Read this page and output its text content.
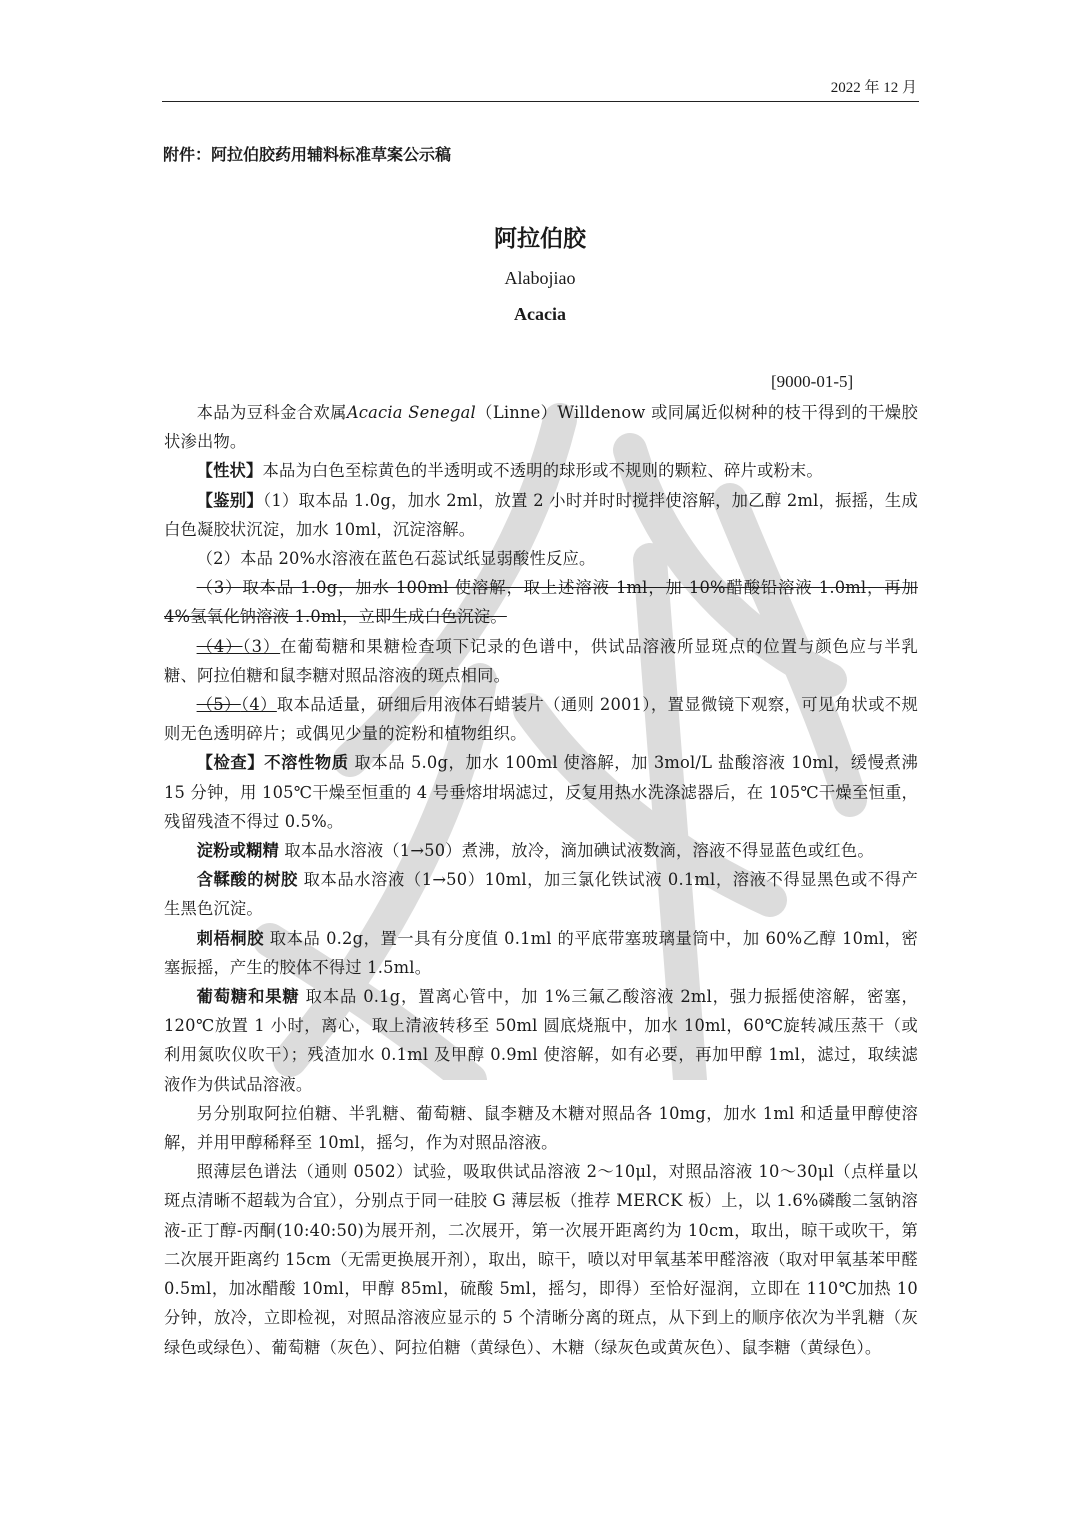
2022 年 12 月
附件：阿拉伯胶药用辅料标准草案公示稿
阿拉伯胶
Alabojiao
Acacia
[9000-01-5]

本品为豆科金合欢属Acacia Senegal（Linne）Willdenow 或同属近似树种的枝干得到的干燥胶状渗出物。

【性状】本品为白色至棕黄色的半透明或不透明的球形或不规则的颗粒、碎片或粉末。

【鉴别】（1）取本品 1.0g，加水 2ml，放置 2 小时并时时搅拌使溶解，加乙醇 2ml，振摇，生成白色凝胶状沉淀，加水 10ml，沉淀溶解。

（2）本品 20%水溶液在蓝色石蕊试纸显弱酸性反应。

（3）取本品 1.0g，加水 100ml 使溶解，取上述溶液 1ml，加 10%醋酸铅溶液 1.0ml，再加 4%氢氧化钠溶液 1.0ml，立即生成白色沉淀。

（4）（3）在葡萄糖和果糖检查项下记录的色谱中，供试品溶液所显斑点的位置与颜色应与半乳糖、阿拉伯糖和鼠李糖对照品溶液的斑点相同。

（5）（4）取本品适量，研细后用液体石蜡装片（通则 2001），置显微镜下观察，可见角状或不规则无色透明碎片；或偶见少量的淀粉和植物组织。

【检查】不溶性物质 取本品 5.0g，加水 100ml 使溶解，加 3mol/L 盐酸溶液 10ml，缓慢煮沸 15 分钟，用 105℃干燥至恒重的 4 号垂熔坩埚滤过，反复用热水洗涤滤器后，在 105℃干燥至恒重，残留残渣不得过 0.5%。

淀粉或糊精 取本品水溶液（1→50）煮沸，放冷，滴加碘试液数滴，溶液不得显蓝色或红色。

含鞣酸的树胶 取本品水溶液（1→50）10ml，加三氯化铁试液 0.1ml，溶液不得显黑色或不得产生黑色沉淀。

刺梧桐胶 取本品 0.2g，置一具有分度值 0.1ml 的平底带塞玻璃量筒中，加 60%乙醇 10ml，密塞振摇，产生的胶体不得过 1.5ml。

葡萄糖和果糖 取本品 0.1g，置离心管中，加 1%三氟乙酸溶液 2ml，强力振摇使溶解，密塞，120℃放置 1 小时，离心，取上清液转移至 50ml 圆底烧瓶中，加水 10ml，60℃旋转减压蒸干（或利用氮吹仪吹干）；残渣加水 0.1ml 及甲醇 0.9ml 使溶解，如有必要，再加甲醇 1ml，滤过，取续滤液作为供试品溶液。

另分别取阿拉伯糖、半乳糖、葡萄糖、鼠李糖及木糖对照品各 10mg，加水 1ml 和适量甲醇使溶解，并用甲醇稀释至 10ml，摇匀，作为对照品溶液。

照薄层色谱法（通则 0502）试验，吸取供试品溶液 2～10μl，对照品溶液 10～30μl（点样量以斑点清晰不超载为合宜），分别点于同一硅胶 G 薄层板（推荐 MERCK 板）上，以 1.6%磷酸二氢钠溶液-正丁醇-丙酮(10:40:50)为展开剂，二次展开，第一次展开距离约为 10cm，取出，晾干或吹干，第二次展开距离约 15cm（无需更换展开剂），取出，晾干，喷以对甲氧基苯甲醛溶液（取对甲氧基苯甲醛 0.5ml，加冰醋酸 10ml，甲醇 85ml，硫酸 5ml，摇匀，即得）至恰好湿润，立即在 110℃加热 10 分钟，放冷，立即检视，对照品溶液应显示的 5 个清晰分离的斑点，从下到上的顺序依次为半乳糖（灰绿色或绿色）、葡萄糖（灰色）、阿拉伯糖（黄绿色）、木糖（绿灰色或黄灰色）、鼠李糖（黄绿色）。
